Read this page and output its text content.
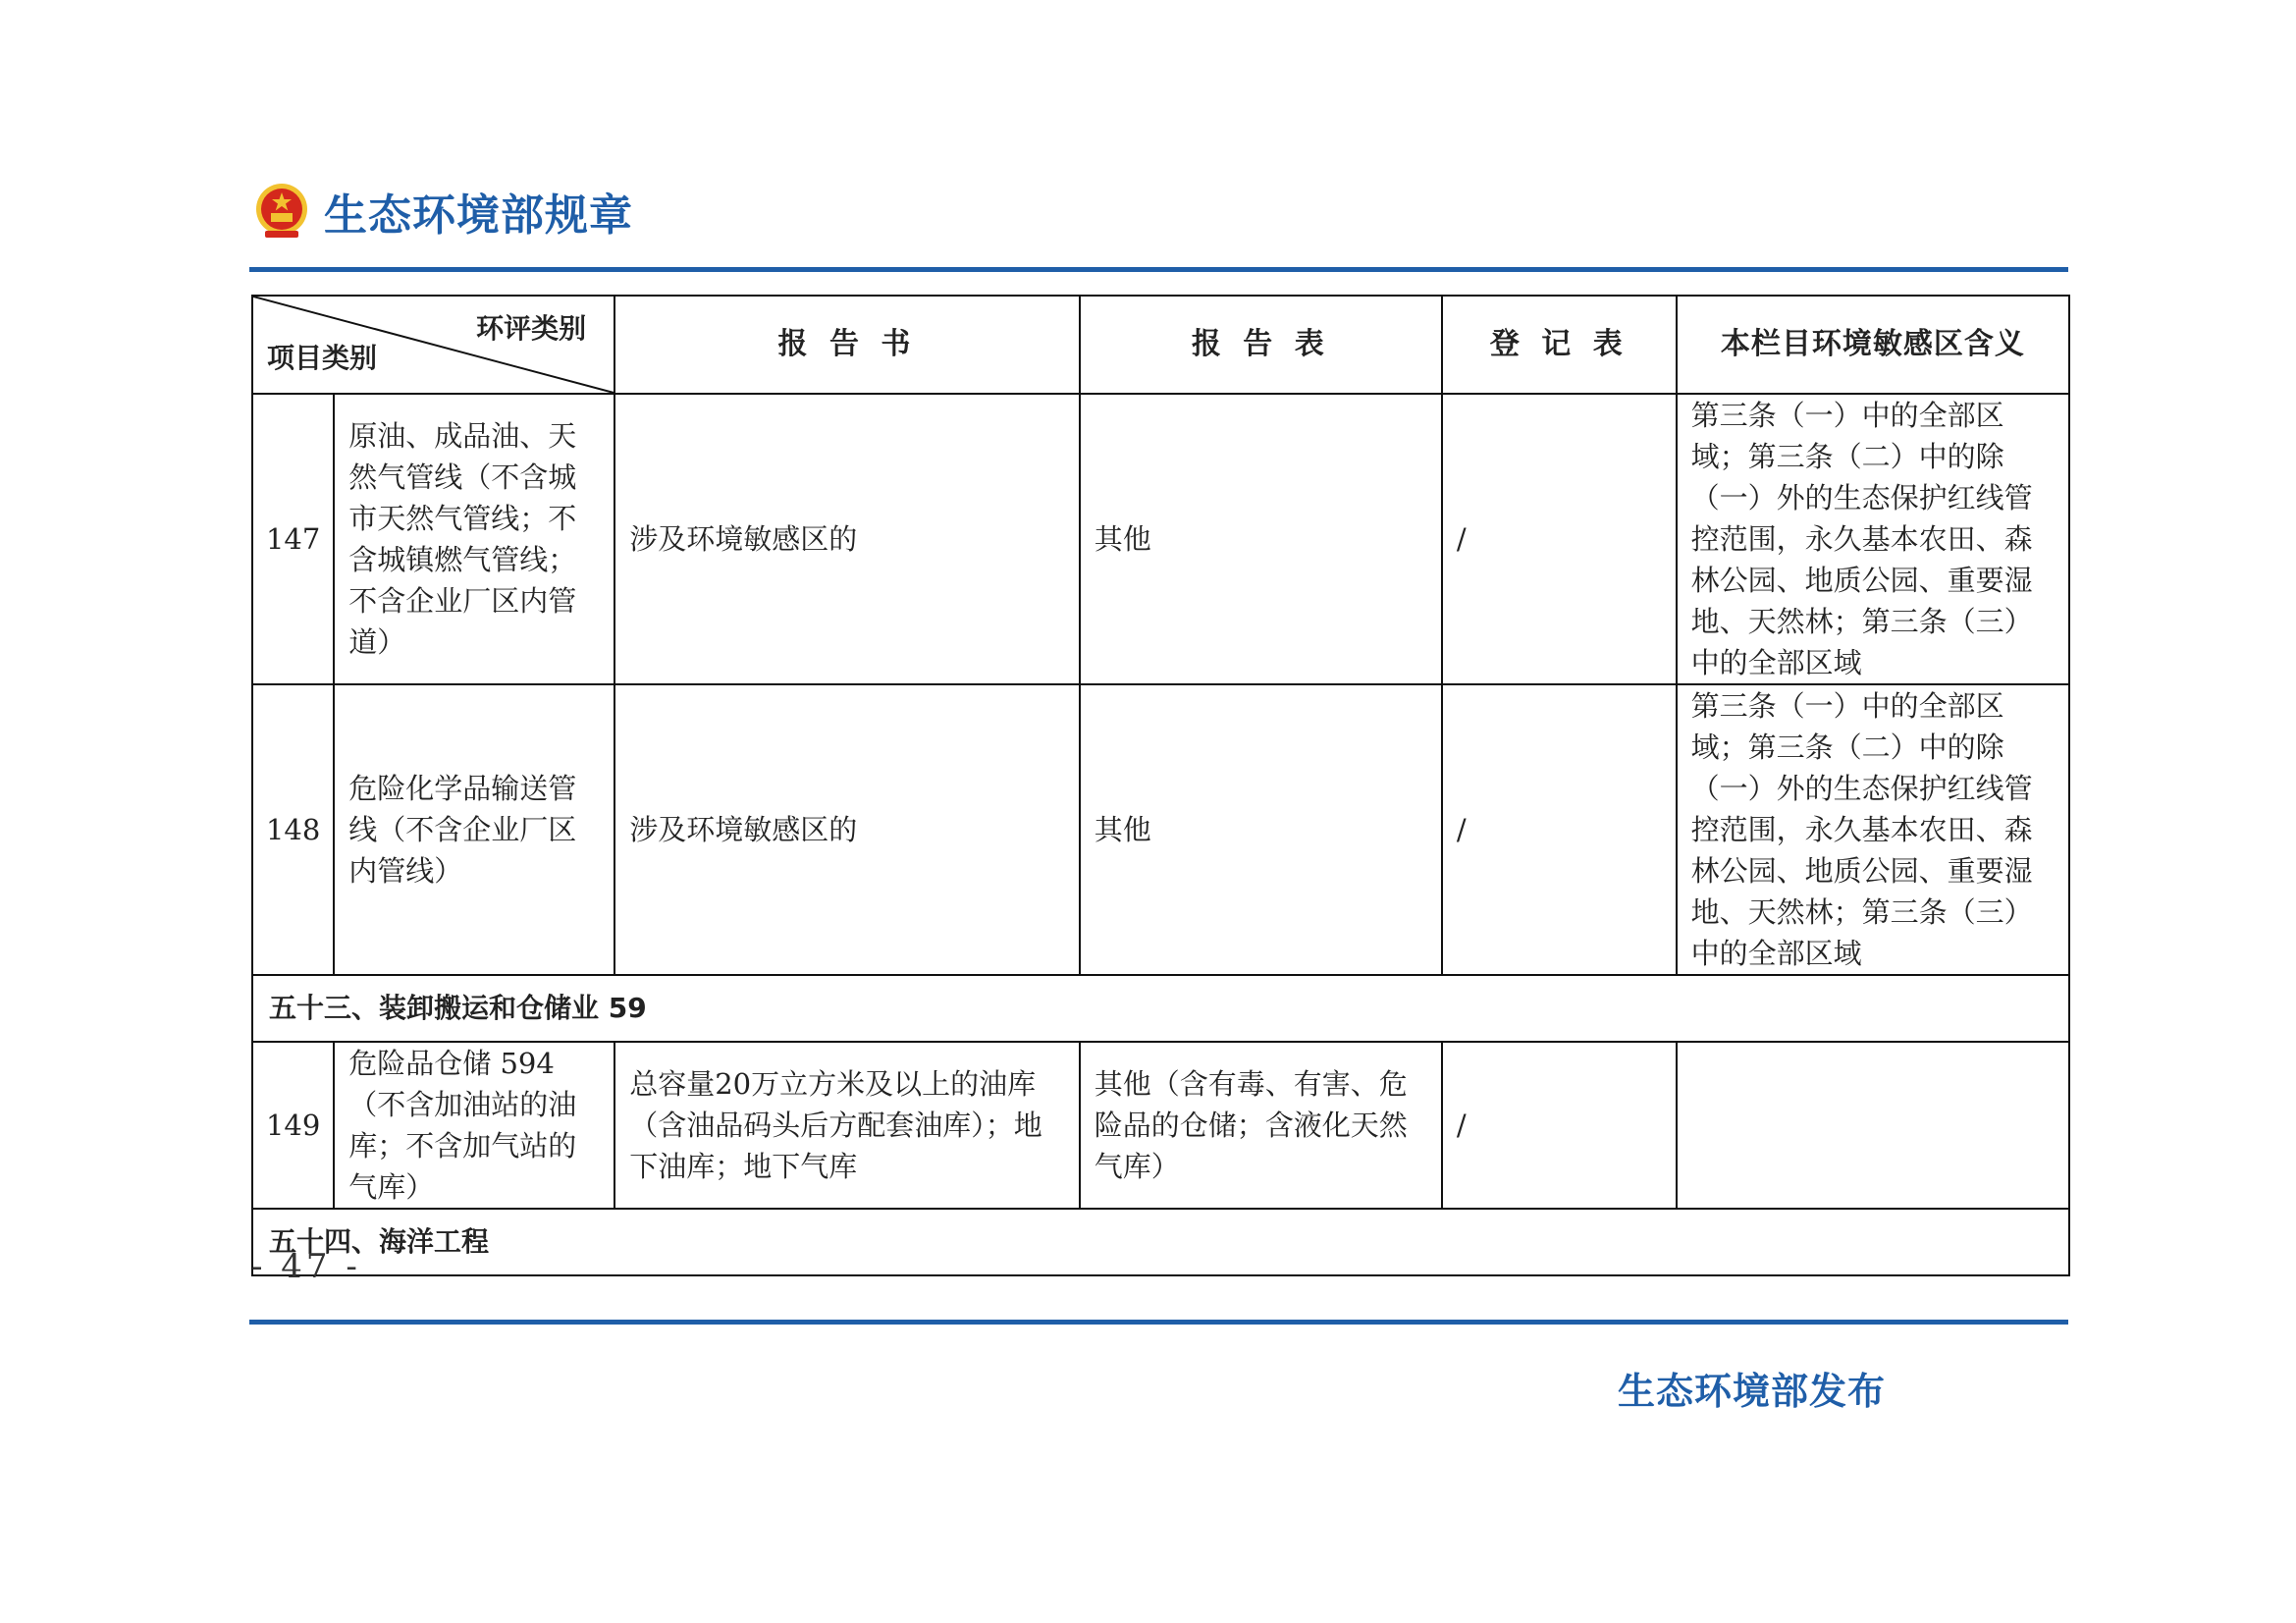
生态环境部规章
环评类别
项目类别		报 告 书	报 告 表	登 记 表	本栏目环境敏感区含义
147	原油、成品油、天然气管线（不含城市天然气管线；不含城镇燃气管线；不含企业厂区内管道）	涉及环境敏感区的	其他	/	第三条（一）中的全部区域；第三条（二）中的除（一）外的生态保护红线管控范围，永久基本农田、森林公园、地质公园、重要湿地、天然林；第三条（三）中的全部区域
148	危险化学品输送管线（不含企业厂区内管线）	涉及环境敏感区的	其他	/	第三条（一）中的全部区域；第三条（二）中的除（一）外的生态保护红线管控范围，永久基本农田、森林公园、地质公园、重要湿地、天然林；第三条（三）中的全部区域
五十三、装卸搬运和仓储业 59					
149	危险品仓储 594（不含加油站的油库；不含加气站的气库）	总容量20万立方米及以上的油库（含油品码头后方配套油库）；地下油库；地下气库	其他（含有毒、有害、危险品的仓储；含液化天然气库）	/	
五十四、海洋工程					
- 47 -
生态环境部发布
